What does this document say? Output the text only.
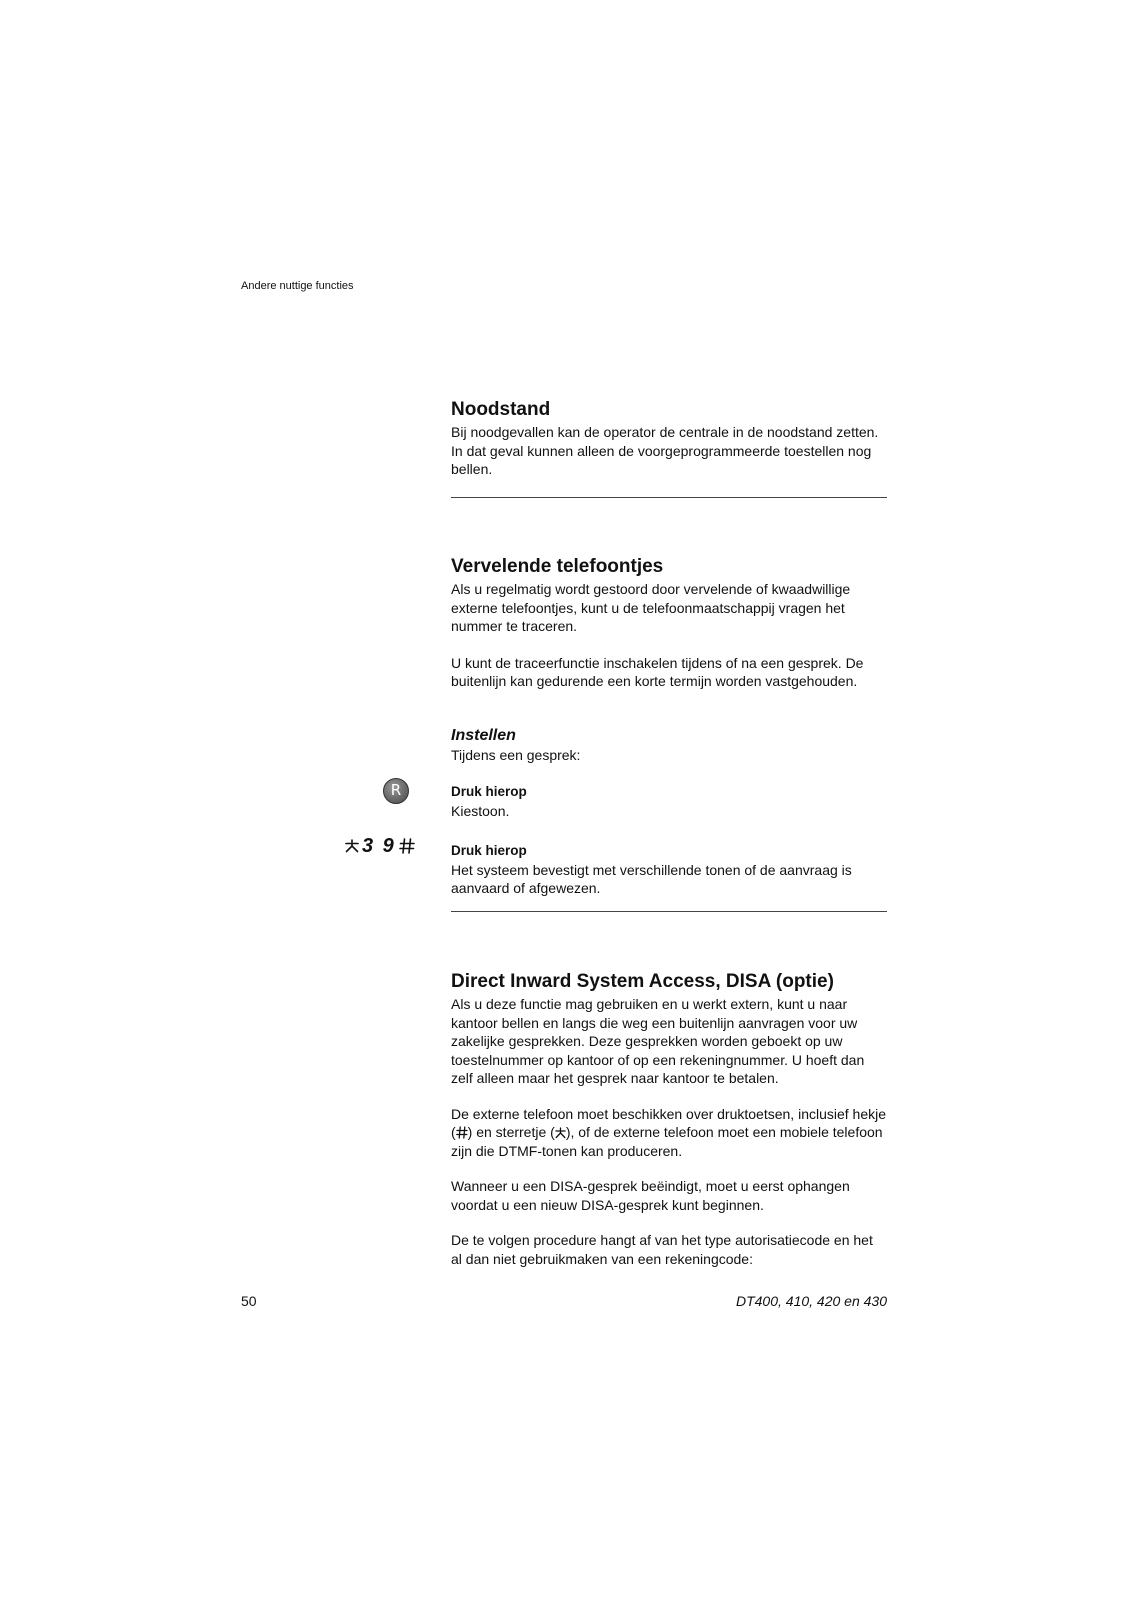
Andere nuttige functies

Noodstand

Bij noodgevallen kan de operator de centrale in de noodstand zetten. In dat geval kunnen alleen de voorgeprogrammeerde toestellen nog bellen.

Vervelende telefoontjes

Als u regelmatig wordt gestoord door vervelende of kwaadwillige externe telefoontjes, kunt u de telefoonmaatschappij vragen het nummer te traceren.

U kunt de traceerfunctie inschakelen tijdens of na een gesprek. De buitenlijn kan gedurende een korte termijn worden vastgehouden.

Instellen

Tijdens een gesprek:

R	Druk hierop

Kiestoon.

3 9	Druk hierop

Het systeem bevestigt met verschillende tonen of de aanvraag is aanvaard of afgewezen.

Direct Inward System Access, DISA (optie)

Als u deze functie mag gebruiken en u werkt extern, kunt u naar kantoor bellen en langs die weg een buitenlijn aanvragen voor uw zakelijke gesprekken. Deze gesprekken worden geboekt op uw toestelnummer op kantoor of op een rekeningnummer. U hoeft dan zelf alleen maar het gesprek naar kantoor te betalen.

De externe telefoon moet beschikken over druktoetsen, inclusief hekje ( ) en sterretje ( ), of de externe telefoon moet een mobiele telefoon zijn die DTMF-tonen kan produceren.

Wanneer u een DISA-gesprek beëindigt, moet u eerst ophangen voordat u een nieuw DISA-gesprek kunt beginnen.

De te volgen procedure hangt af van het type autorisatiecode en het al dan niet gebruikmaken van een rekeningcode:

50	DT400, 410, 420 en 430
